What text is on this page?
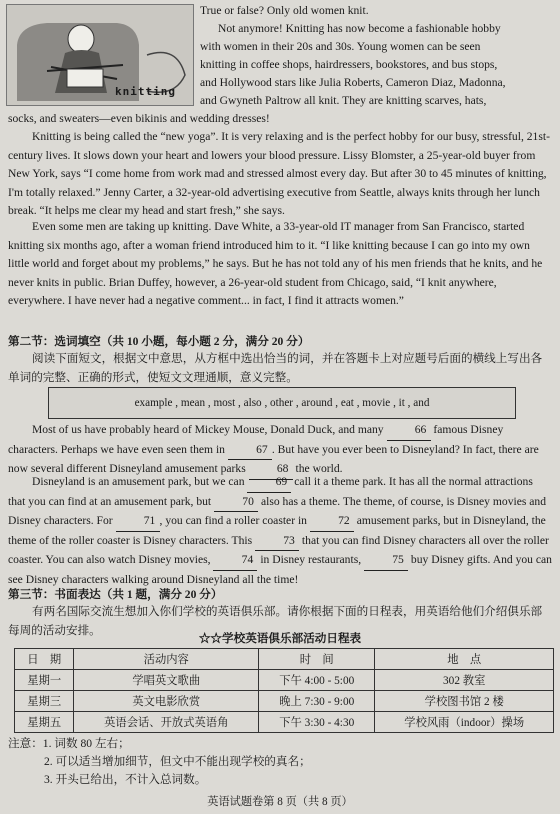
knitting

True or false? Only old women knit.

Not anymore! Knitting has now become a fashionable hobby

with women in their 20s and 30s. Young women can be seen

knitting in coffee shops, hairdressers, bookstores, and bus stops,

and Hollywood stars like Julia Roberts, Cameron Diaz, Madonna,

and Gwyneth Paltrow all knit. They are knitting scarves, hats,

socks, and sweaters—even bikinis and wedding dresses!

Knitting is being called the “new yoga”. It is very relaxing and is the perfect hobby for our busy, stressful, 21st-century lives. It slows down your heart and lowers your blood pressure. Lissy Blomster, a 25-year-old buyer from New York, says “I come home from work mad and stressed almost every day. But after 30 to 45 minutes of knitting, I'm totally relaxed.” Jenny Carter, a 32-year-old advertising executive from Seattle, always knits through her lunch break. “It helps me clear my head and start fresh,” she says.

Even some men are taking up knitting. Dave White, a 33-year-old IT manager from San Francisco, started knitting six months ago, after a woman friend introduced him to it. “I like knitting because I can go into my own little world and forget about my problems,” he says. But he has not told any of his men friends that he knits, and he never knits in public. Brian Duffey, however, a 26-year-old student from Chicago, said, “I knit anywhere, everywhere. I have never had a negative comment... in fact, I find it attracts women.”

第二节：选词填空（共 10 小题，每小题 2 分，满分 20 分）

阅读下面短文，根据文中意思，从方框中选出恰当的词，并在答题卡上对应题号后面的横线上写出各单词的完整、正确的形式，使短文文理通顺，意义完整。

example , mean , most , also , other , around , eat , movie , it , and

Most of us have probably heard of Mickey Mouse, Donald Duck, and many 66 famous Disney characters. Perhaps we have even seen them in 67 . But have you ever been to Disneyland? In fact, there are now several different Disneyland amusement parks 68 the world.

Disneyland is an amusement park, but we can 69 call it a theme park. It has all the normal attractions that you can find at an amusement park, but 70 also has a theme. The theme, of course, is Disney movies and Disney characters. For 71 , you can find a roller coaster in 72 amusement parks, but in Disneyland, the theme of the roller coaster is Disney characters. This 73 that you can find Disney characters all over the roller coaster. You can also watch Disney movies, 74 in Disney restaurants, 75 buy Disney gifts. And you can see Disney characters walking around Disneyland all the time!

第三节：书面表达（共 1 题，满分 20 分）

有两名国际交流生想加入你们学校的英语俱乐部。请你根据下面的日程表，用英语给他们介绍俱乐部每周的活动安排。

☆☆学校英语俱乐部活动日程表

日　期	活动内容	时　间	地　点
星期一	学唱英文歌曲	下午 4:00 - 5:00	302 教室
星期三	英文电影欣赏	晚上 7:30 - 9:00	学校图书馆 2 楼
星期五	英语会话、开放式英语角	下午 3:30 - 4:30	学校风雨（indoor）操场

注意：1. 词数 80 左右；

2. 可以适当增加细节，但文中不能出现学校的真名；

3. 开头已给出，不计入总词数。

英语试题卷第 8 页（共 8 页）
